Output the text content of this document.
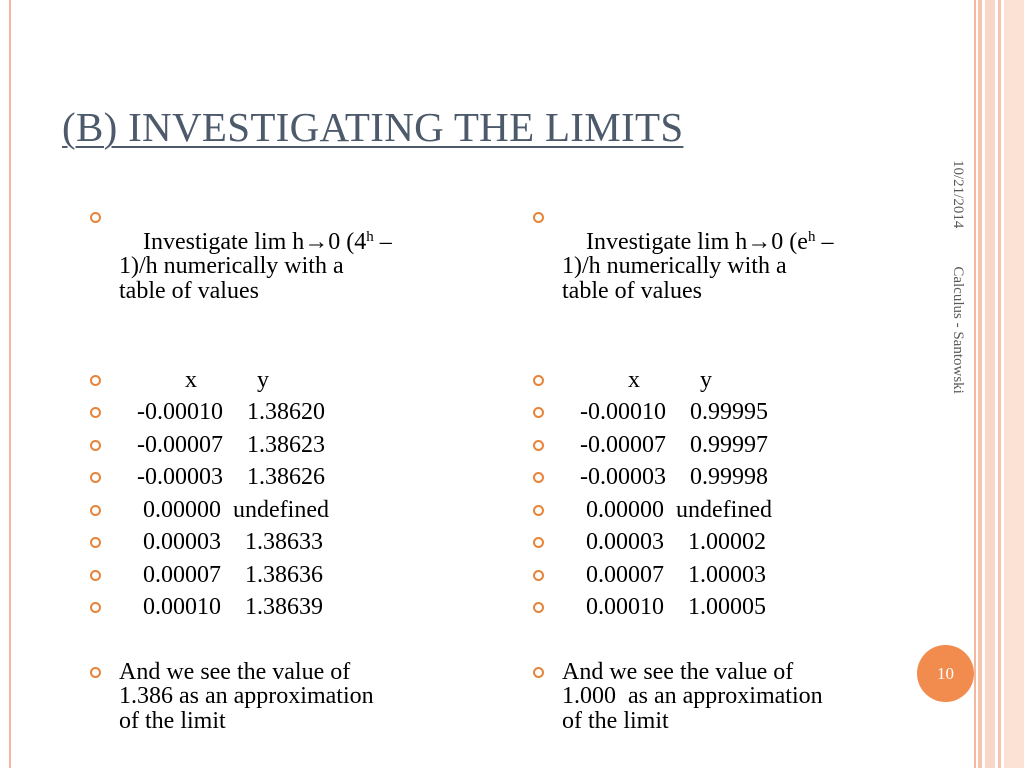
(B) INVESTIGATING THE LIMITS
10/21/2014Calculus - Santowski

Investigate lim h→0 (4$^h$ –
1)/h numerically with a
table of values

x          y
-0.00010    1.38620
-0.00007    1.38623
-0.00003    1.38626
0.00000  undefined
0.00003    1.38633
0.00007    1.38636
0.00010    1.38639
And we see the value of
1.386 as an approximation
of the limit

Investigate lim h→0 ($e^h$ –
1)/h numerically with a
table of values

x          y
-0.00010    0.99995
-0.00007    0.99997
-0.00003    0.99998
0.00000  undefined
0.00003    1.00002
0.00007    1.00003
0.00010    1.00005
And we see the value of
1.000  as an approximation
of the limit
10
